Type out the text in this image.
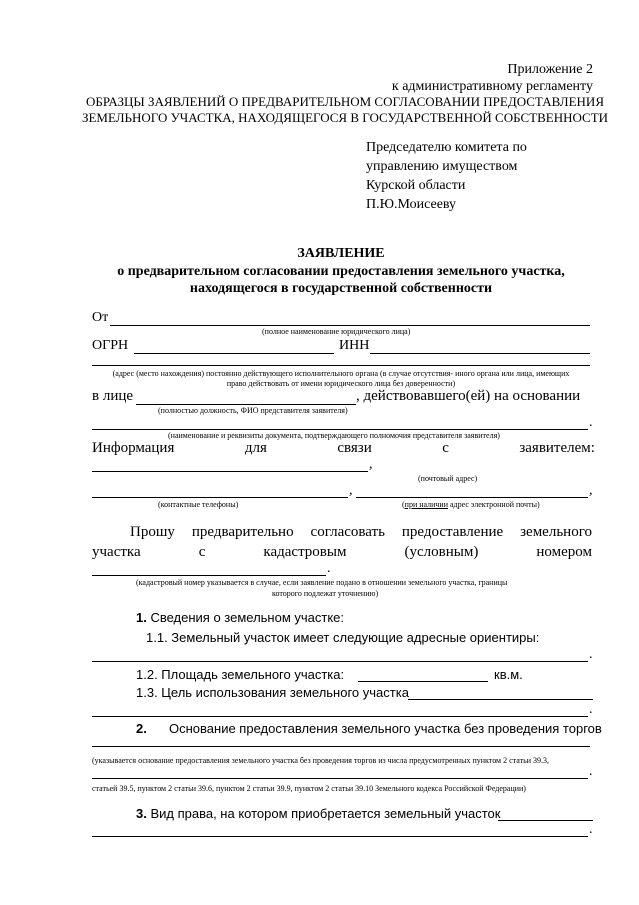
Приложение 2
к административному регламенту
ОБРАЗЦЫ ЗАЯВЛЕНИЙ О ПРЕДВАРИТЕЛЬНОМ СОГЛАСОВАНИИ ПРЕДОСТАВЛЕНИЯ
ЗЕМЕЛЬНОГО УЧАСТКА, НАХОДЯЩЕГОСЯ В ГОСУДАРСТВЕННОЙ СОБСТВЕННОСТИ
Председателю комитета по
управлению имуществом
Курской области
П.Ю.Моисееву
ЗАЯВЛЕНИЕ
о предварительном согласовании предоставления земельного участка,
находящегося в государственной собственности
От
(полное наименование юридического лица)
ОГРН	ИНН
(адрес (место нахождения) постоянно действующего исполнительного органа (в случае отсутствия- иного органа или лица, имеющих
право действовать от имени юридического лица без доверенности)
в лице	, действовавшего(ей) на основании
(полностью должность, ФИО представителя заявителя)
.
(наименование и реквизиты документа, подтверждающего полномочия представителя заявителя)
Информация	для	связи	с	заявителем:
,
(почтовый адрес)
,	,
(контактные телефоны)	(при наличии адрес электронной почты)
Прошу предварительно согласовать предоставление земельного
участка	с	кадастровым	(условным)	номером
.
(кадастровый номер указывается в случае, если заявление подано в отношении земельного участка, границы
которого подлежат уточнению)
1. Сведения о земельном участке:
1.1. Земельный участок имеет следующие адресные ориентиры:
.
1.2. Площадь земельного участка:	кв.м.
1.3. Цель использования земельного участка
.
2. Основание предоставления земельного участка без проведения торгов
(указывается основание предоставления земельного участка без проведения торгов из числа предусмотренных пунктом 2 статьи 39.3,
.
статьей 39.5, пунктом 2 статьи 39.6, пунктом 2 статьи 39.9, пунктом 2 статьи 39.10 Земельного кодекса Российской Федерации)
3. Вид права, на котором приобретается земельный участок
.
